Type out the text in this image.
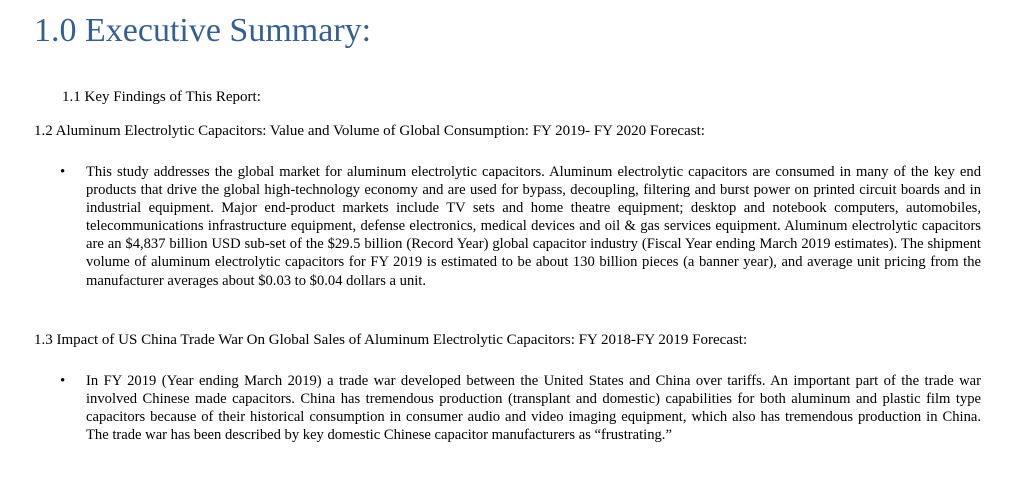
1.0 Executive Summary:

1.1 Key Findings of This Report:

1.2 Aluminum Electrolytic Capacitors: Value and Volume of Global Consumption: FY 2019- FY 2020 Forecast:

• This study addresses the global market for aluminum electrolytic capacitors. Aluminum electrolytic capacitors are consumed in many of the key end products that drive the global high-technology economy and are used for bypass, decoupling, filtering and burst power on printed circuit boards and in industrial equipment. Major end-product markets include TV sets and home theatre equipment; desktop and notebook computers, automobiles, telecommunications infrastructure equipment, defense electronics, medical devices and oil & gas services equipment. Aluminum electrolytic capacitors are an $4,837 billion USD sub-set of the $29.5 billion (Record Year) global capacitor industry (Fiscal Year ending March 2019 estimates). The shipment volume of aluminum electrolytic capacitors for FY 2019 is estimated to be about 130 billion pieces (a banner year), and average unit pricing from the manufacturer averages about $0.03 to $0.04 dollars a unit.

1.3 Impact of US China Trade War On Global Sales of Aluminum Electrolytic Capacitors: FY 2018-FY 2019 Forecast:

• In FY 2019 (Year ending March 2019) a trade war developed between the United States and China over tariffs. An important part of the trade war involved Chinese made capacitors. China has tremendous production (transplant and domestic) capabilities for both aluminum and plastic film type capacitors because of their historical consumption in consumer audio and video imaging equipment, which also has tremendous production in China. The trade war has been described by key domestic Chinese capacitor manufacturers as “frustrating.”
